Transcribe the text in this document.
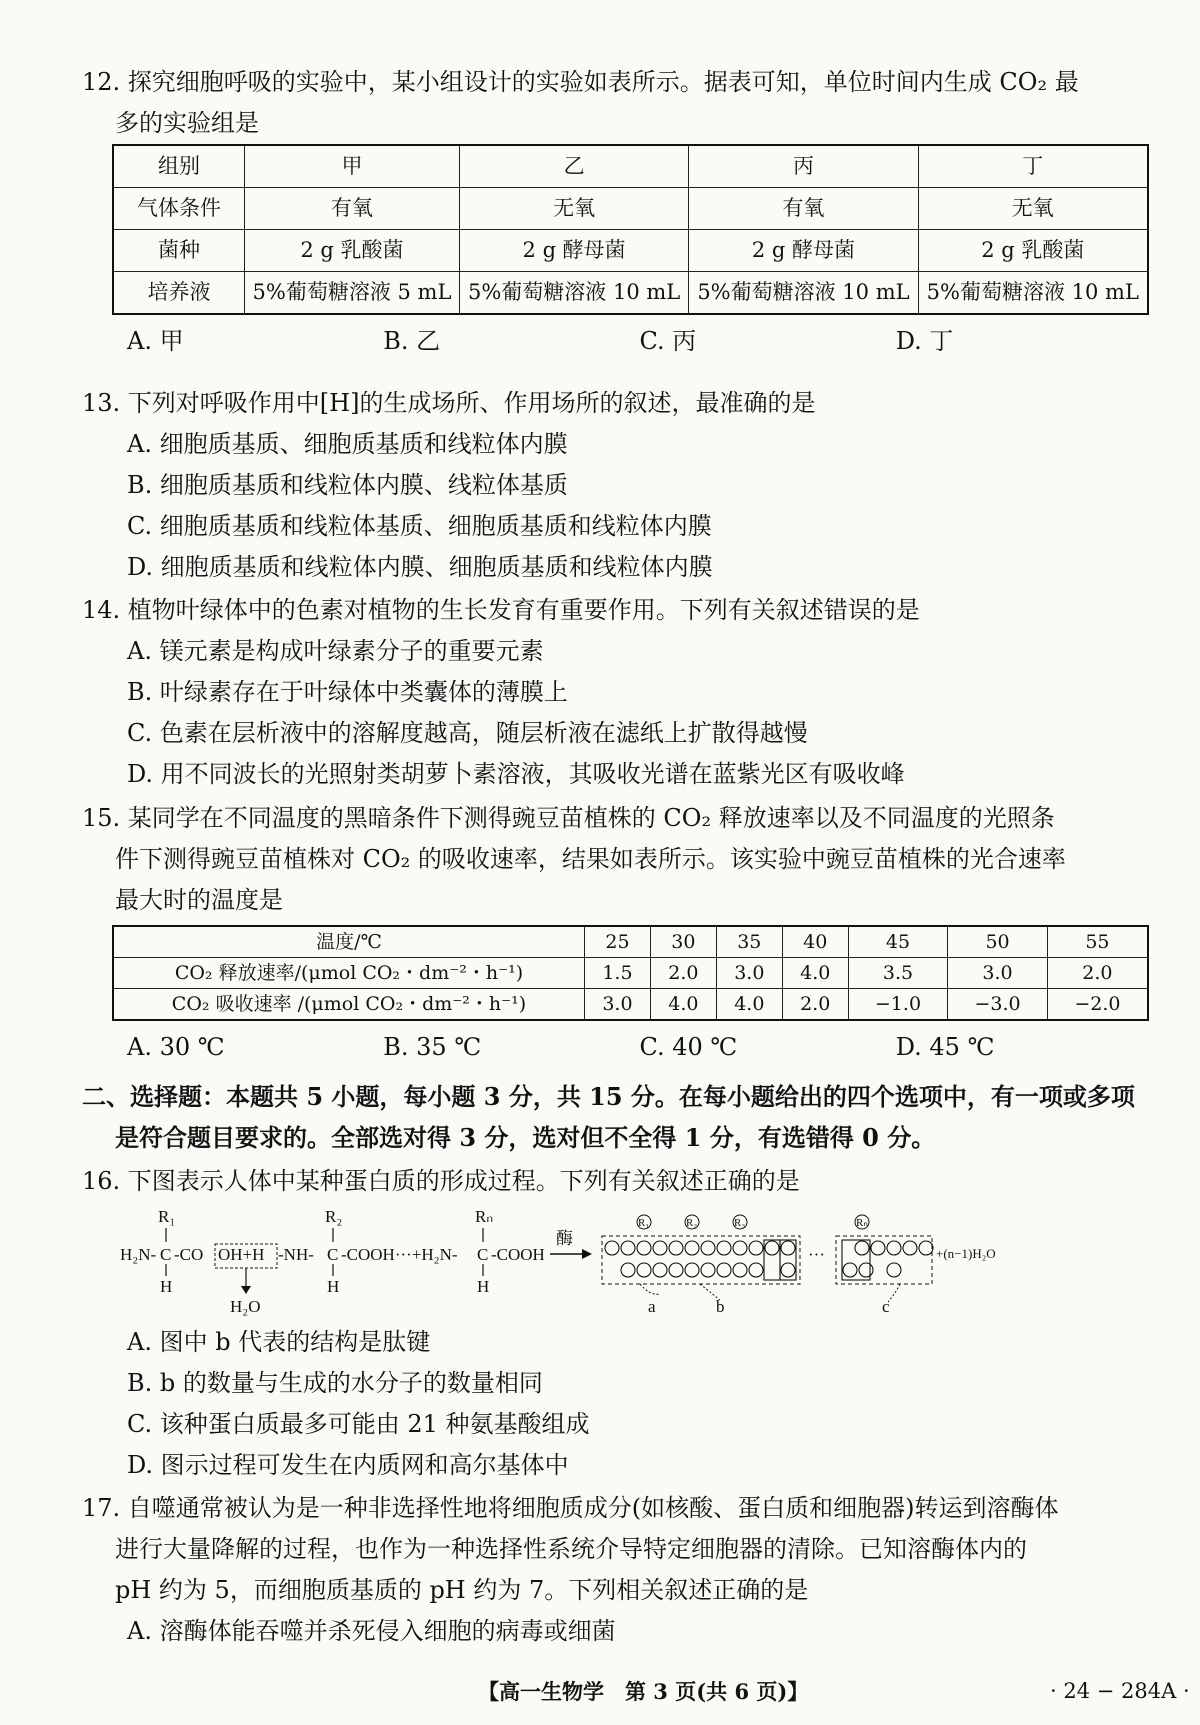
12. 探究细胞呼吸的实验中，某小组设计的实验如表所示。据表可知，单位时间内生成 CO₂ 最

多的实验组是

组别	甲	乙	丙	丁
气体条件	有氧	无氧	有氧	无氧
菌种	2 g 乳酸菌	2 g 酵母菌	2 g 酵母菌	2 g 乳酸菌
培养液	5%葡萄糖溶液 5 mL	5%葡萄糖溶液 10 mL	5%葡萄糖溶液 10 mL	5%葡萄糖溶液 10 mL
A. 甲	B. 乙	C. 丙	D. 丁

13. 下列对呼吸作用中[H]的生成场所、作用场所的叙述，最准确的是

A. 细胞质基质、细胞质基质和线粒体内膜

B. 细胞质基质和线粒体内膜、线粒体基质

C. 细胞质基质和线粒体基质、细胞质基质和线粒体内膜

D. 细胞质基质和线粒体内膜、细胞质基质和线粒体内膜

14. 植物叶绿体中的色素对植物的生长发育有重要作用。下列有关叙述错误的是

A. 镁元素是构成叶绿素分子的重要元素

B. 叶绿素存在于叶绿体中类囊体的薄膜上

C. 色素在层析液中的溶解度越高，随层析液在滤纸上扩散得越慢

D. 用不同波长的光照射类胡萝卜素溶液，其吸收光谱在蓝紫光区有吸收峰

15. 某同学在不同温度的黑暗条件下测得豌豆苗植株的 CO₂ 释放速率以及不同温度的光照条

件下测得豌豆苗植株对 CO₂ 的吸收速率，结果如表所示。该实验中豌豆苗植株的光合速率

最大时的温度是

温度/℃	25	30	35	40	45	50	55
CO₂ 释放速率/(μmol CO₂・dm⁻²・h⁻¹)	1.5	2.0	3.0	4.0	3.5	3.0	2.0
CO₂ 吸收速率 /(μmol CO₂・dm⁻²・h⁻¹)	3.0	4.0	4.0	2.0	−1.0	−3.0	−2.0
A. 30 ℃	B. 35 ℃	C. 40 ℃	D. 45 ℃

二、选择题：本题共 5 小题，每小题 3 分，共 15 分。在每小题给出的四个选项中，有一项或多项

是符合题目要求的。全部选对得 3 分，选对但不全得 1 分，有选错得 0 分。

16. 下图表示人体中某种蛋白质的形成过程。下列有关叙述正确的是

R₁
H₂N- C -CO OH+H -NH-
H
H₂O
R₂
C -COOH···+H₂N-
H
Rₙ
C -COOH
H
酶
R₁	R₂	R₃	Rₙ
···	+(n−1)H₂O
a	b	c

A. 图中 b 代表的结构是肽键

B. b 的数量与生成的水分子的数量相同

C. 该种蛋白质最多可能由 21 种氨基酸组成

D. 图示过程可发生在内质网和高尔基体中

17. 自噬通常被认为是一种非选择性地将细胞质成分(如核酸、蛋白质和细胞器)转运到溶酶体

进行大量降解的过程，也作为一种选择性系统介导特定细胞器的清除。已知溶酶体内的

pH 约为 5，而细胞质基质的 pH 约为 7。下列相关叙述正确的是

A. 溶酶体能吞噬并杀死侵入细胞的病毒或细菌

【高一生物学　第 3 页(共 6 页)】	· 24 − 284A ·
